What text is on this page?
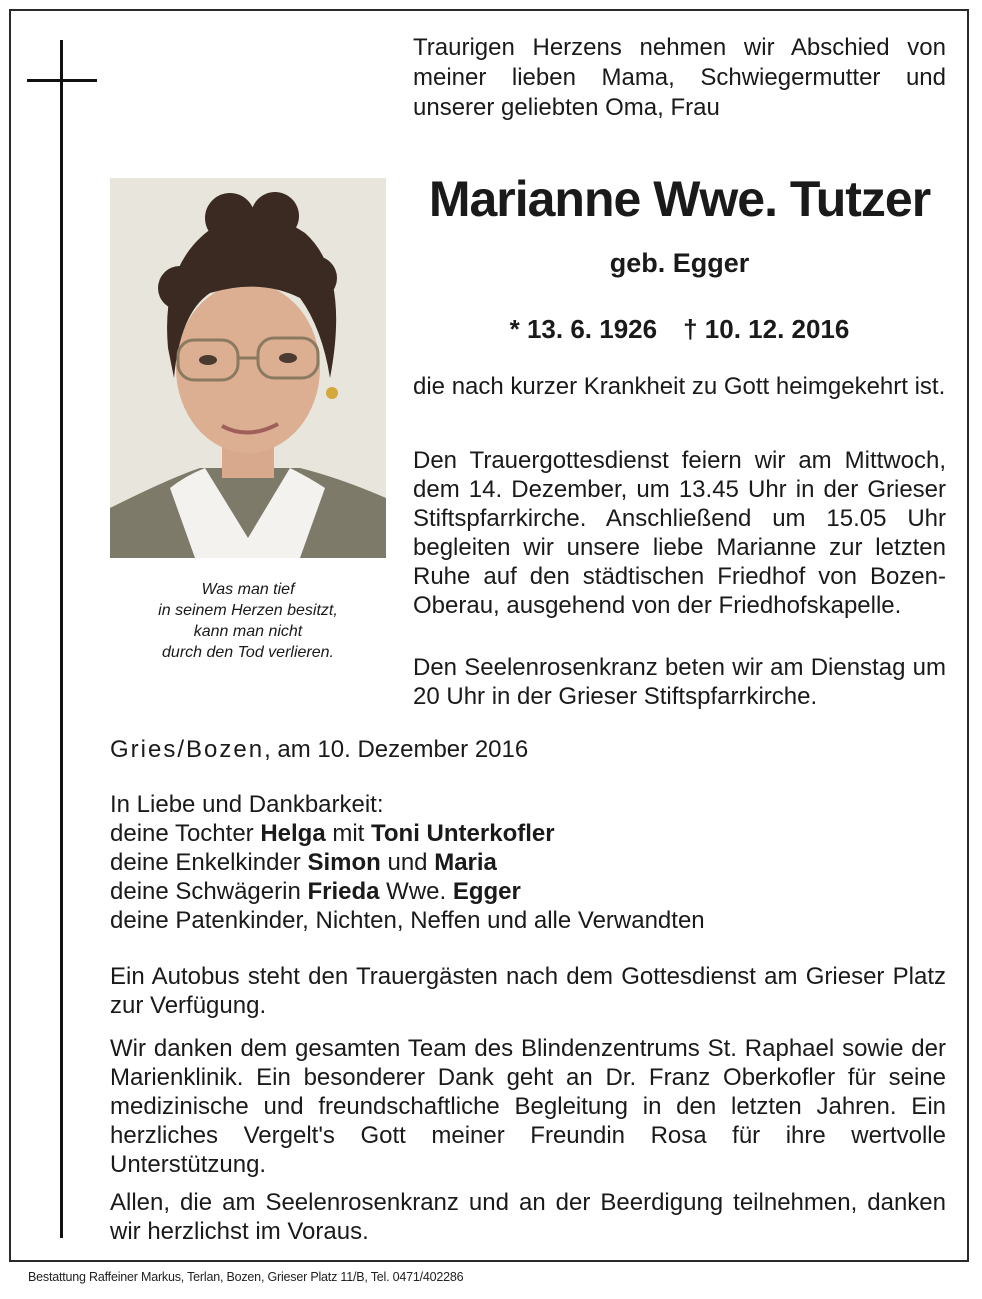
Traurigen Herzens nehmen wir Abschied von meiner lieben Mama, Schwiegermutter und unserer geliebten Oma, Frau
Was man tief
in seinem Herzen besitzt,
kann man nicht
durch den Tod verlieren.
Marianne Wwe. Tutzer
geb. Egger
* 13. 6. 1926 † 10. 12. 2016
die nach kurzer Krankheit zu Gott heimgekehrt ist.
Den Trauergottesdienst feiern wir am Mittwoch, dem 14. Dezember, um 13.45 Uhr in der Grieser Stiftspfarrkirche. Anschließend um 15.05 Uhr begleiten wir unsere liebe Marianne zur letzten Ruhe auf den städtischen Friedhof von Bozen-Oberau, ausgehend von der Friedhofskapelle.
Den Seelenrosenkranz beten wir am Dienstag um 20 Uhr in der Grieser Stiftspfarrkirche.
Gries/Bozen, am 10. Dezember 2016
In Liebe und Dankbarkeit:
deine Tochter Helga mit Toni Unterkofler
deine Enkelkinder Simon und Maria
deine Schwägerin Frieda Wwe. Egger
deine Patenkinder, Nichten, Neffen und alle Verwandten
Ein Autobus steht den Trauergästen nach dem Gottesdienst am Grieser Platz zur Verfügung.
Wir danken dem gesamten Team des Blindenzentrums St. Raphael sowie der Marienklinik. Ein besonderer Dank geht an Dr. Franz Oberkofler für seine medizinische und freundschaftliche Begleitung in den letzten Jahren. Ein herzliches Vergelt's Gott meiner Freundin Rosa für ihre wertvolle Unterstützung.
Allen, die am Seelenrosenkranz und an der Beerdigung teilnehmen, danken wir herzlichst im Voraus.
Bestattung Raffeiner Markus, Terlan, Bozen, Grieser Platz 11/B, Tel. 0471/402286
